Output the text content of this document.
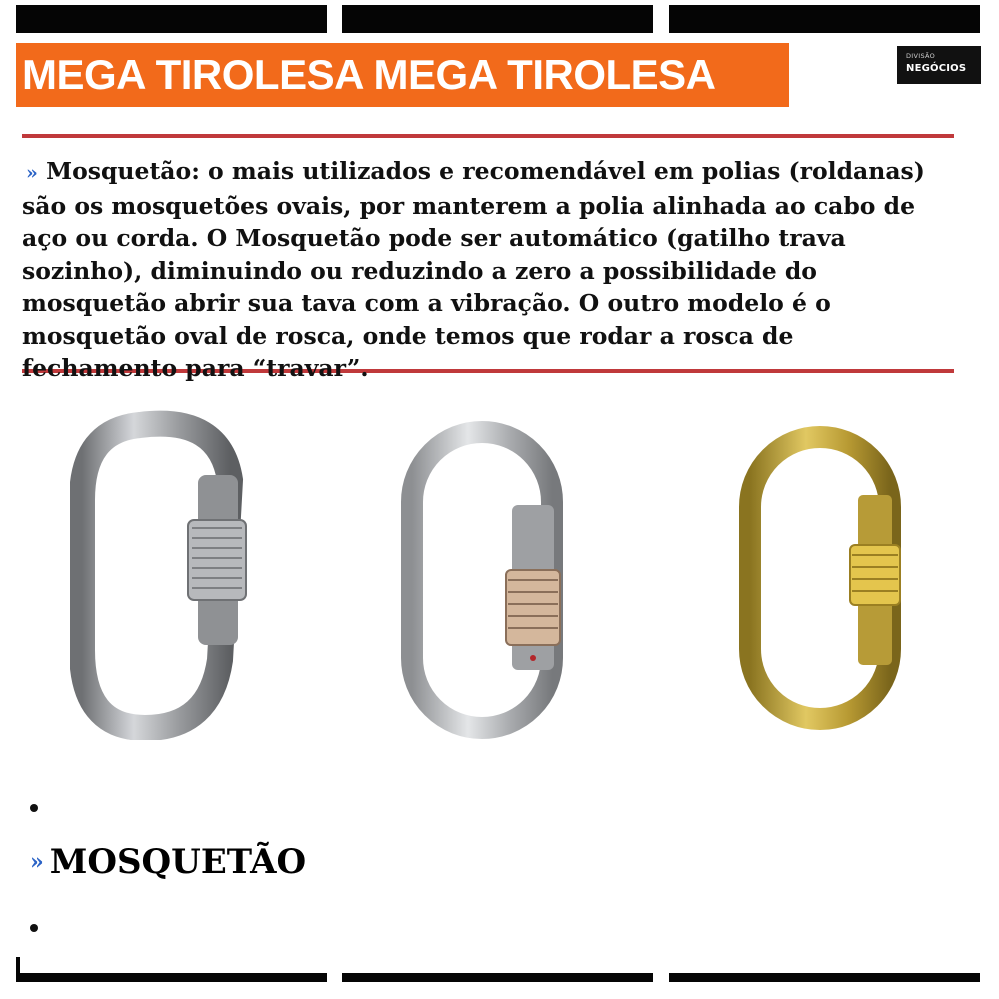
MEGA TIROLESA MEGA TIROLESA	DIVISÃO
NEGÓCIOS
» Mosquetão: o mais utilizados e recomendável em polias (roldanas) são os mosquetões ovais, por manterem a polia alinhada ao cabo de aço ou corda. O Mosquetão pode ser automático (gatilho trava sozinho), diminuindo ou reduzindo a zero a possibilidade do mosquetão abrir sua tava com a vibração. O outro modelo é o mosquetão oval de rosca, onde temos que rodar a rosca de fechamento para “travar”.
» MOSQUETÃO
